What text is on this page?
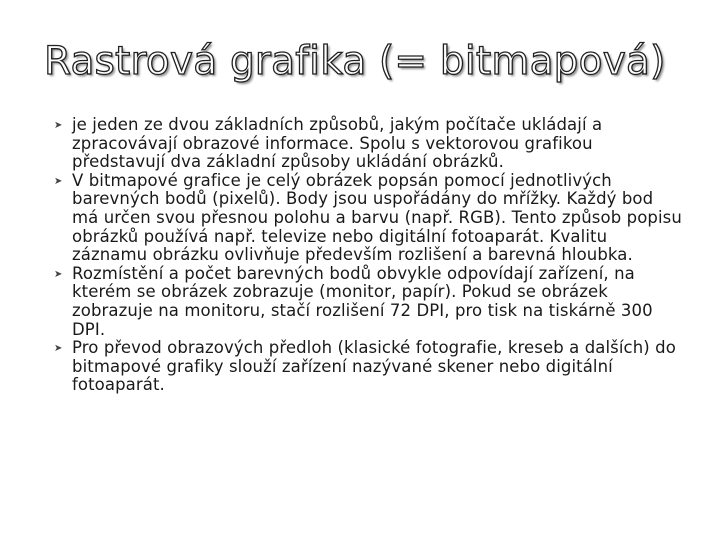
Rastrová grafika (= bitmapová)
➤ je jeden ze dvou základních způsobů, jakým počítače ukládají a zpracovávají obrazové informace. Spolu s vektorovou grafikou představují dva základní způsoby ukládání obrázků.
➤ V bitmapové grafice je celý obrázek popsán pomocí jednotlivých barevných bodů (pixelů). Body jsou uspořádány do mřížky. Každý bod má určen svou přesnou polohu a barvu (např. RGB). Tento způsob popisu obrázků používá např. televize nebo digitální fotoaparát. Kvalitu záznamu obrázku ovlivňuje především rozlišení a barevná hloubka.
➤ Rozmístění a počet barevných bodů obvykle odpovídají zařízení, na kterém se obrázek zobrazuje (monitor, papír). Pokud se obrázek zobrazuje na monitoru, stačí rozlišení 72 DPI, pro tisk na tiskárně 300 DPI.
➤ Pro převod obrazových předloh (klasické fotografie, kreseb a dalších) do bitmapové grafiky slouží zařízení nazývané skener nebo digitální fotoaparát.
